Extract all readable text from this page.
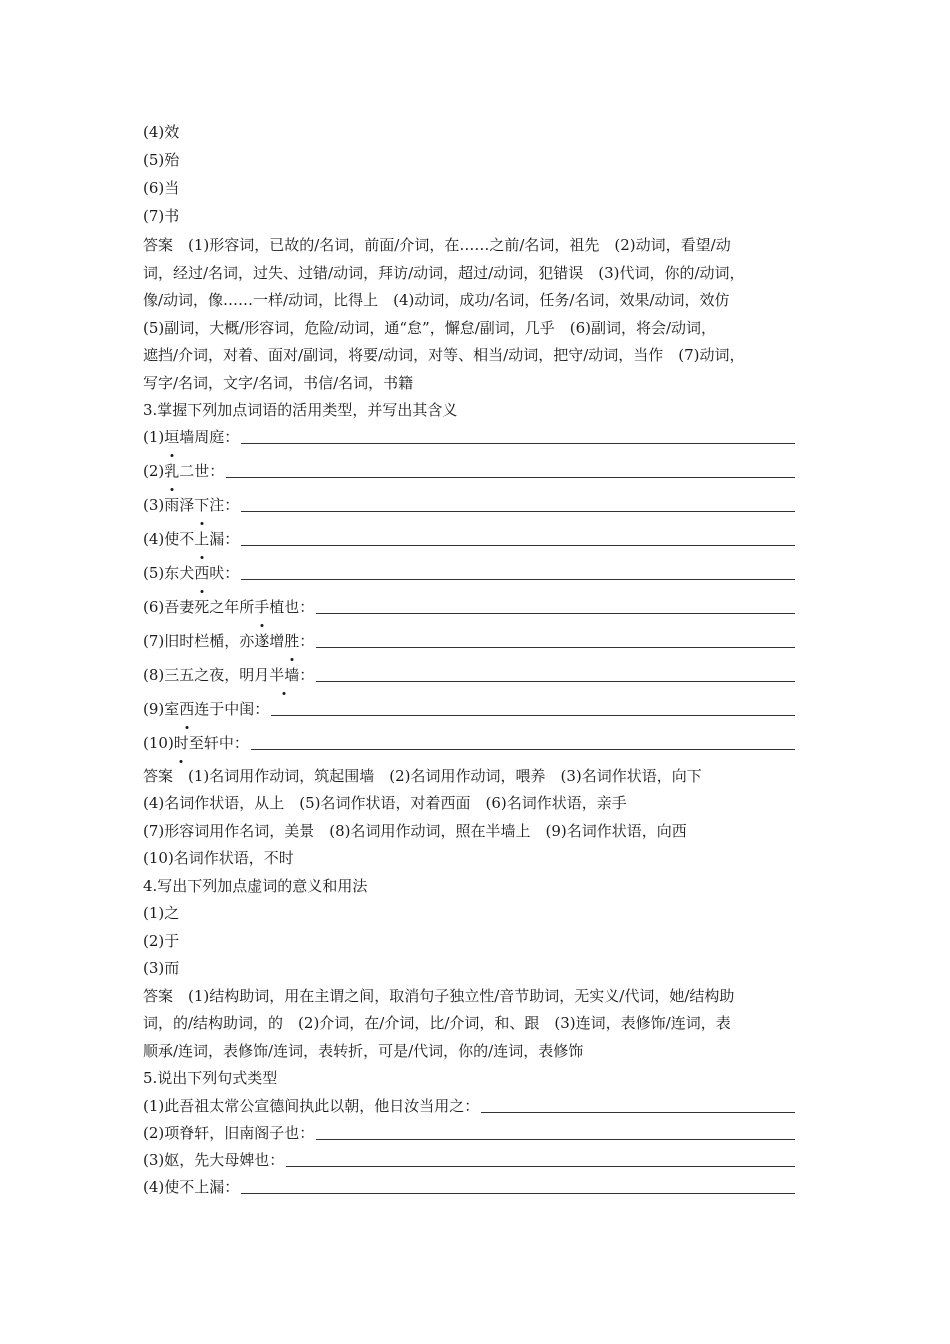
(4)效
(5)殆
(6)当
(7)书
答案　(1)形容词，已故的/名词，前面/介词，在……之前/名词，祖先　(2)动词，看望/动
词，经过/名词，过失、过错/动词，拜访/动词，超过/动词，犯错误　(3)代词，你的/动词，
像/动词，像……一样/动词，比得上　(4)动词，成功/名词，任务/名词，效果/动词，效仿
(5)副词，大概/形容词，危险/动词，通“怠”，懈怠/副词，几乎　(6)副词，将会/动词，
遮挡/介词，对着、面对/副词，将要/动词，对等、相当/动词，把守/动词，当作　(7)动词，
写字/名词，文字/名词，书信/名词，书籍
3.掌握下列加点词语的活用类型，并写出其含义
(1)垣墙周庭：
(2)乳二世：
(3)雨泽下注：
(4)使不上漏：
(5)东犬西吠：
(6)吾妻死之年所手植也：
(7)旧时栏楯，亦遂增胜：
(8)三五之夜，明月半墙：
(9)室西连于中闺：
(10)时至轩中：
答案　(1)名词用作动词，筑起围墙　(2)名词用作动词，喂养　(3)名词作状语，向下
(4)名词作状语，从上　(5)名词作状语，对着西面　(6)名词作状语，亲手
(7)形容词用作名词，美景　(8)名词用作动词，照在半墙上　(9)名词作状语，向西
(10)名词作状语，不时
4.写出下列加点虚词的意义和用法
(1)之
(2)于
(3)而
答案　(1)结构助词，用在主谓之间，取消句子独立性/音节助词，无实义/代词，她/结构助
词，的/结构助词，的　(2)介词，在/介词，比/介词，和、跟　(3)连词，表修饰/连词，表
顺承/连词，表修饰/连词，表转折，可是/代词，你的/连词，表修饰
5.说出下列句式类型
(1)此吾祖太常公宣德间执此以朝，他日汝当用之：
(2)项脊轩，旧南阁子也：
(3)妪，先大母婢也：
(4)使不上漏：
